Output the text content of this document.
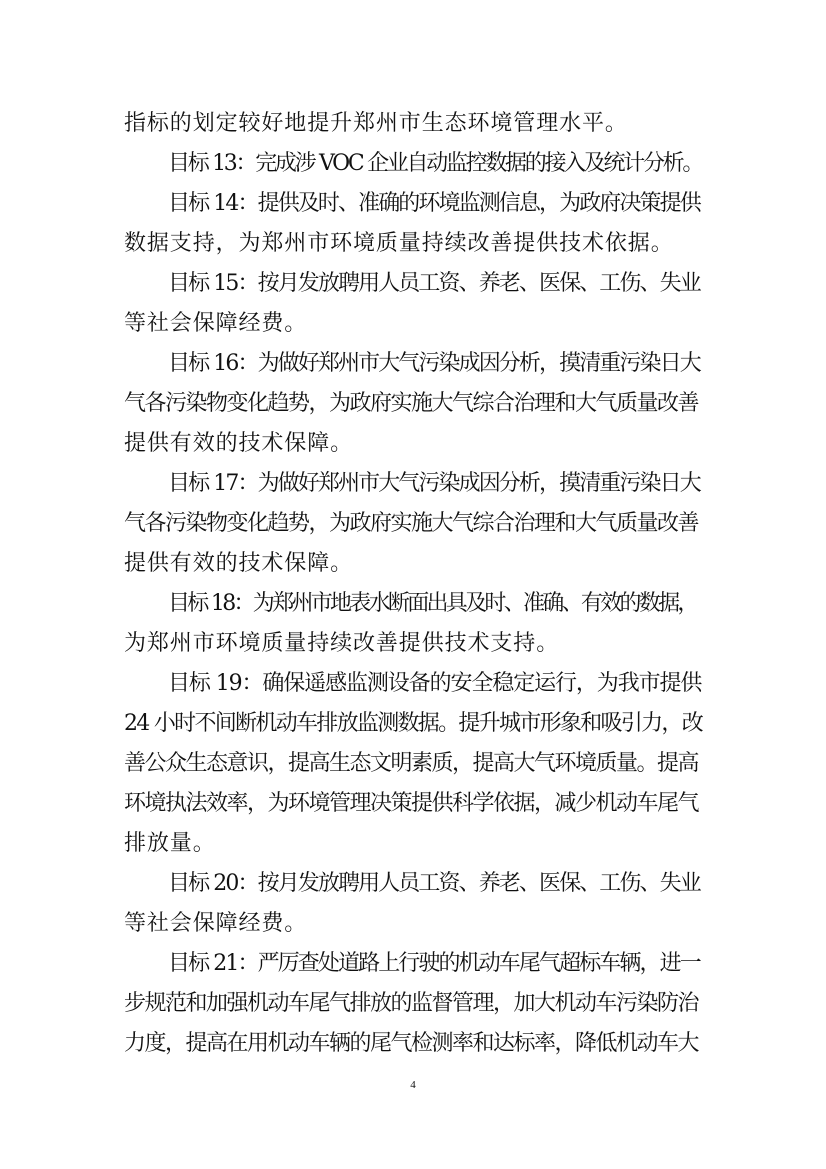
指标的划定较好地提升郑州市生态环境管理水平。
目标 13：完成涉 VOC 企业自动监控数据的接入及统计分析。
目标 14：提供及时、准确的环境监测信息，为政府决策提供
数据支持，为郑州市环境质量持续改善提供技术依据。
目标 15：按月发放聘用人员工资、养老、医保、工伤、失业
等社会保障经费。
目标 16：为做好郑州市大气污染成因分析，摸清重污染日大
气各污染物变化趋势，为政府实施大气综合治理和大气质量改善
提供有效的技术保障。
目标 17：为做好郑州市大气污染成因分析，摸清重污染日大
气各污染物变化趋势，为政府实施大气综合治理和大气质量改善
提供有效的技术保障。
目标 18：为郑州市地表水断面出具及时、准确、有效的数据，
为郑州市环境质量持续改善提供技术支持。
目标 19：确保遥感监测设备的安全稳定运行，为我市提供
24 小时不间断机动车排放监测数据。提升城市形象和吸引力，改
善公众生态意识，提高生态文明素质，提高大气环境质量。提高
环境执法效率，为环境管理决策提供科学依据，减少机动车尾气
排放量。
目标 20：按月发放聘用人员工资、养老、医保、工伤、失业
等社会保障经费。
目标 21：严厉查处道路上行驶的机动车尾气超标车辆，进一
步规范和加强机动车尾气排放的监督管理，加大机动车污染防治
力度，提高在用机动车辆的尾气检测率和达标率，降低机动车大
4
